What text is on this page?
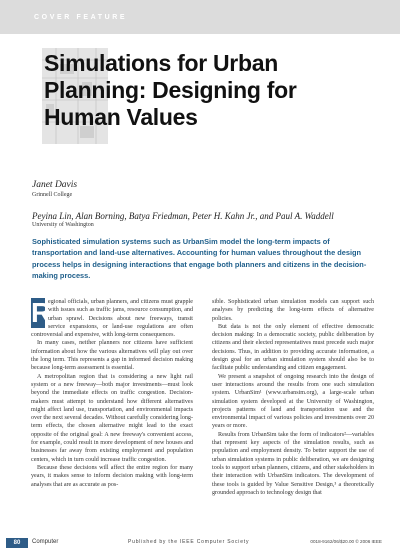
COVER FEATURE
Simulations for Urban
Planning: Designing for
Human Values
Janet Davis
Grinnell College
Peyina Lin, Alan Borning, Batya Friedman, Peter H. Kahn Jr., and Paul A. Waddell
University of Washington
Sophisticated simulation systems such as UrbanSim model the long-term impacts of transportation and land-use alternatives. Accounting for human values throughout the design process helps in designing interactions that engage both planners and citizens in the decision-making process.
R

egional officials, urban planners, and citizens must grapple with issues such as traffic jams, resource consumption, and urban sprawl. Decisions about new freeways, transit service expansions, or land-use regulations are often controversial and expensive, with long-term consequences.

In many cases, neither planners nor citizens have sufficient information about how the various alternatives will play out over the long term. This represents a gap in informed decision making because long-term assessment is essential.

A metropolitan region that is considering a new light rail system or a new freeway—both major investments—must look beyond the immediate effects on traffic congestion. Decision-makers must attempt to understand how different alternatives might affect land use, transportation, and environmental impacts over the next several decades. Without carefully considering long-term effects, the chosen alternative might lead to the exact opposite of the original goal: A new freeway's convenient access, for example, could result in more development of new houses and businesses far away from existing employment and population centers, which in turn could increase traffic congestion.

Because these decisions will affect the entire region for many years, it makes sense to inform decision making with long-term analyses that are as accurate as pos-

sible. Sophisticated urban simulation models can support such analyses by predicting the long-term effects of alternative policies.

But data is not the only element of effective democratic decision making: In a democratic society, public deliberation by citizens and their elected representatives must precede such major decisions. Thus, in addition to providing accurate information, a design goal for an urban simulation system should also be to facilitate public understanding and citizen engagement.

We present a snapshot of ongoing research into the design of user interactions around the results from one such simulation system. UrbanSim¹ (www.urbansim.org), a large-scale urban simulation system developed at the University of Washington, projects patterns of land and transportation use and the environmental impact of various policies and investments over 20 years or more.

Results from UrbanSim take the form of indicators²—variables that represent key aspects of the simulation results, such as population and employment density. To better support the use of urban simulation systems in public deliberation, we are designing tools to support urban planners, citizens, and other stakeholders in their interaction with UrbanSim indicators. The development of these tools is guided by Value Sensitive Design,³ a theoretically grounded approach to technology design that

80	Computer	Published by the IEEE Computer Society	0018-9162/06/$20.00 © 2006 IEEE
